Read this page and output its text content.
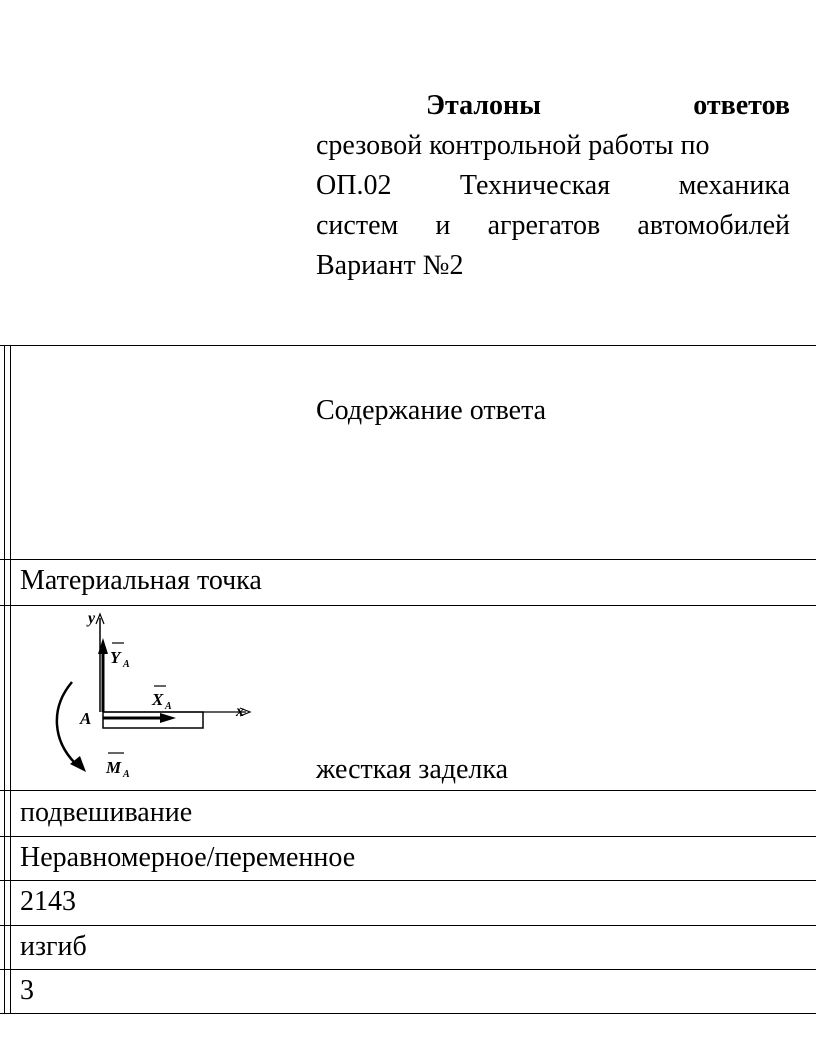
Эталоны	ответов
срезовой контрольной работы по
ОП.02 Техническая механика
систем и агрегатов автомобилей
Вариант №2
Содержание ответа
Материальная точка
жесткая заделка
подвешивание
Неравномерное/переменное
2143
изгиб
3
y
Y A
x
X A
A
M A
